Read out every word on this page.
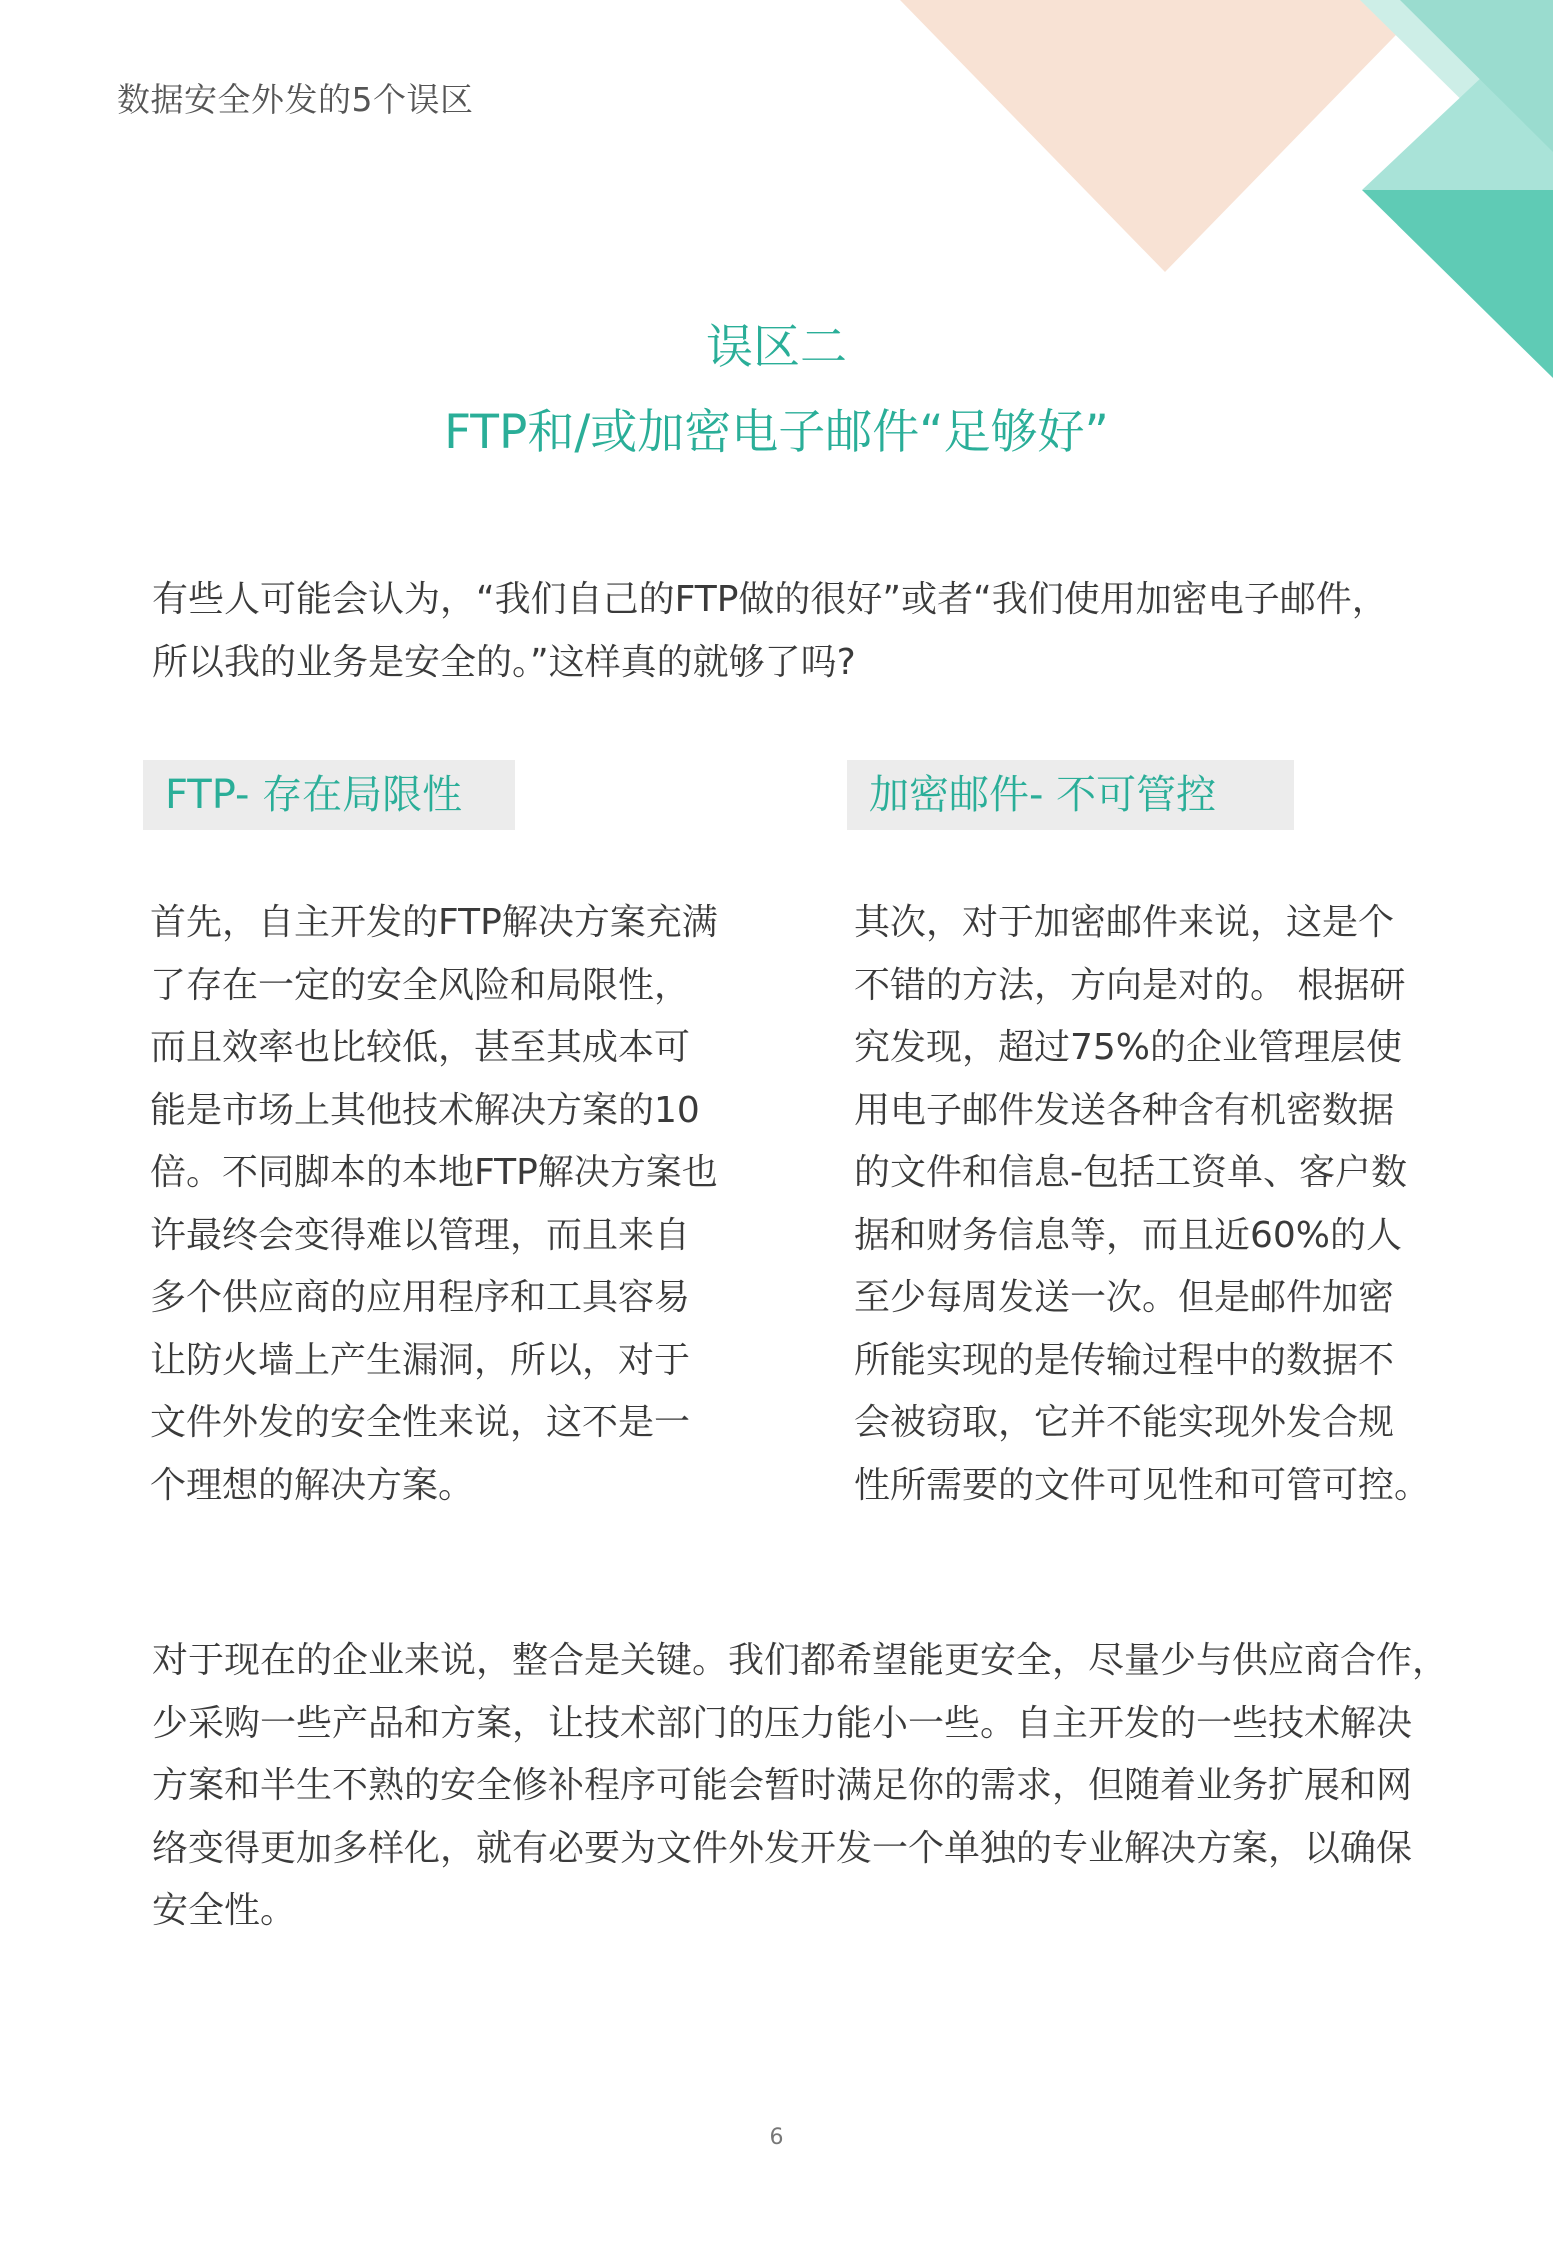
数据安全外发的5个误区
误区二
FTP和/或加密电子邮件“足够好”
有些人可能会认为，“我们自己的FTP做的很好”或者“我们使用加密电子邮件，所以我的业务是安全的。”这样真的就够了吗?
FTP- 存在局限性	加密邮件- 不可管控
首先，自主开发的FTP解决方案充满
了存在一定的安全风险和局限性，
而且效率也比较低，甚至其成本可
能是市场上其他技术解决方案的10
倍。不同脚本的本地FTP解决方案也
许最终会变得难以管理，而且来自
多个供应商的应用程序和工具容易
让防火墙上产生漏洞，所以，对于
文件外发的安全性来说，这不是一
个理想的解决方案。
其次，对于加密邮件来说，这是个
不错的方法，方向是对的。 根据研
究发现，超过75%的企业管理层使
用电子邮件发送各种含有机密数据
的文件和信息-包括工资单、客户数
据和财务信息等，而且近60%的人
至少每周发送一次。但是邮件加密
所能实现的是传输过程中的数据不
会被窃取，它并不能实现外发合规
性所需要的文件可见性和可管可控。
对于现在的企业来说，整合是关键。我们都希望能更安全，尽量少与供应商合作，
少采购一些产品和方案，让技术部门的压力能小一些。自主开发的一些技术解决
方案和半生不熟的安全修补程序可能会暂时满足你的需求，但随着业务扩展和网
络变得更加多样化，就有必要为文件外发开发一个单独的专业解决方案，以确保
安全性。
6
